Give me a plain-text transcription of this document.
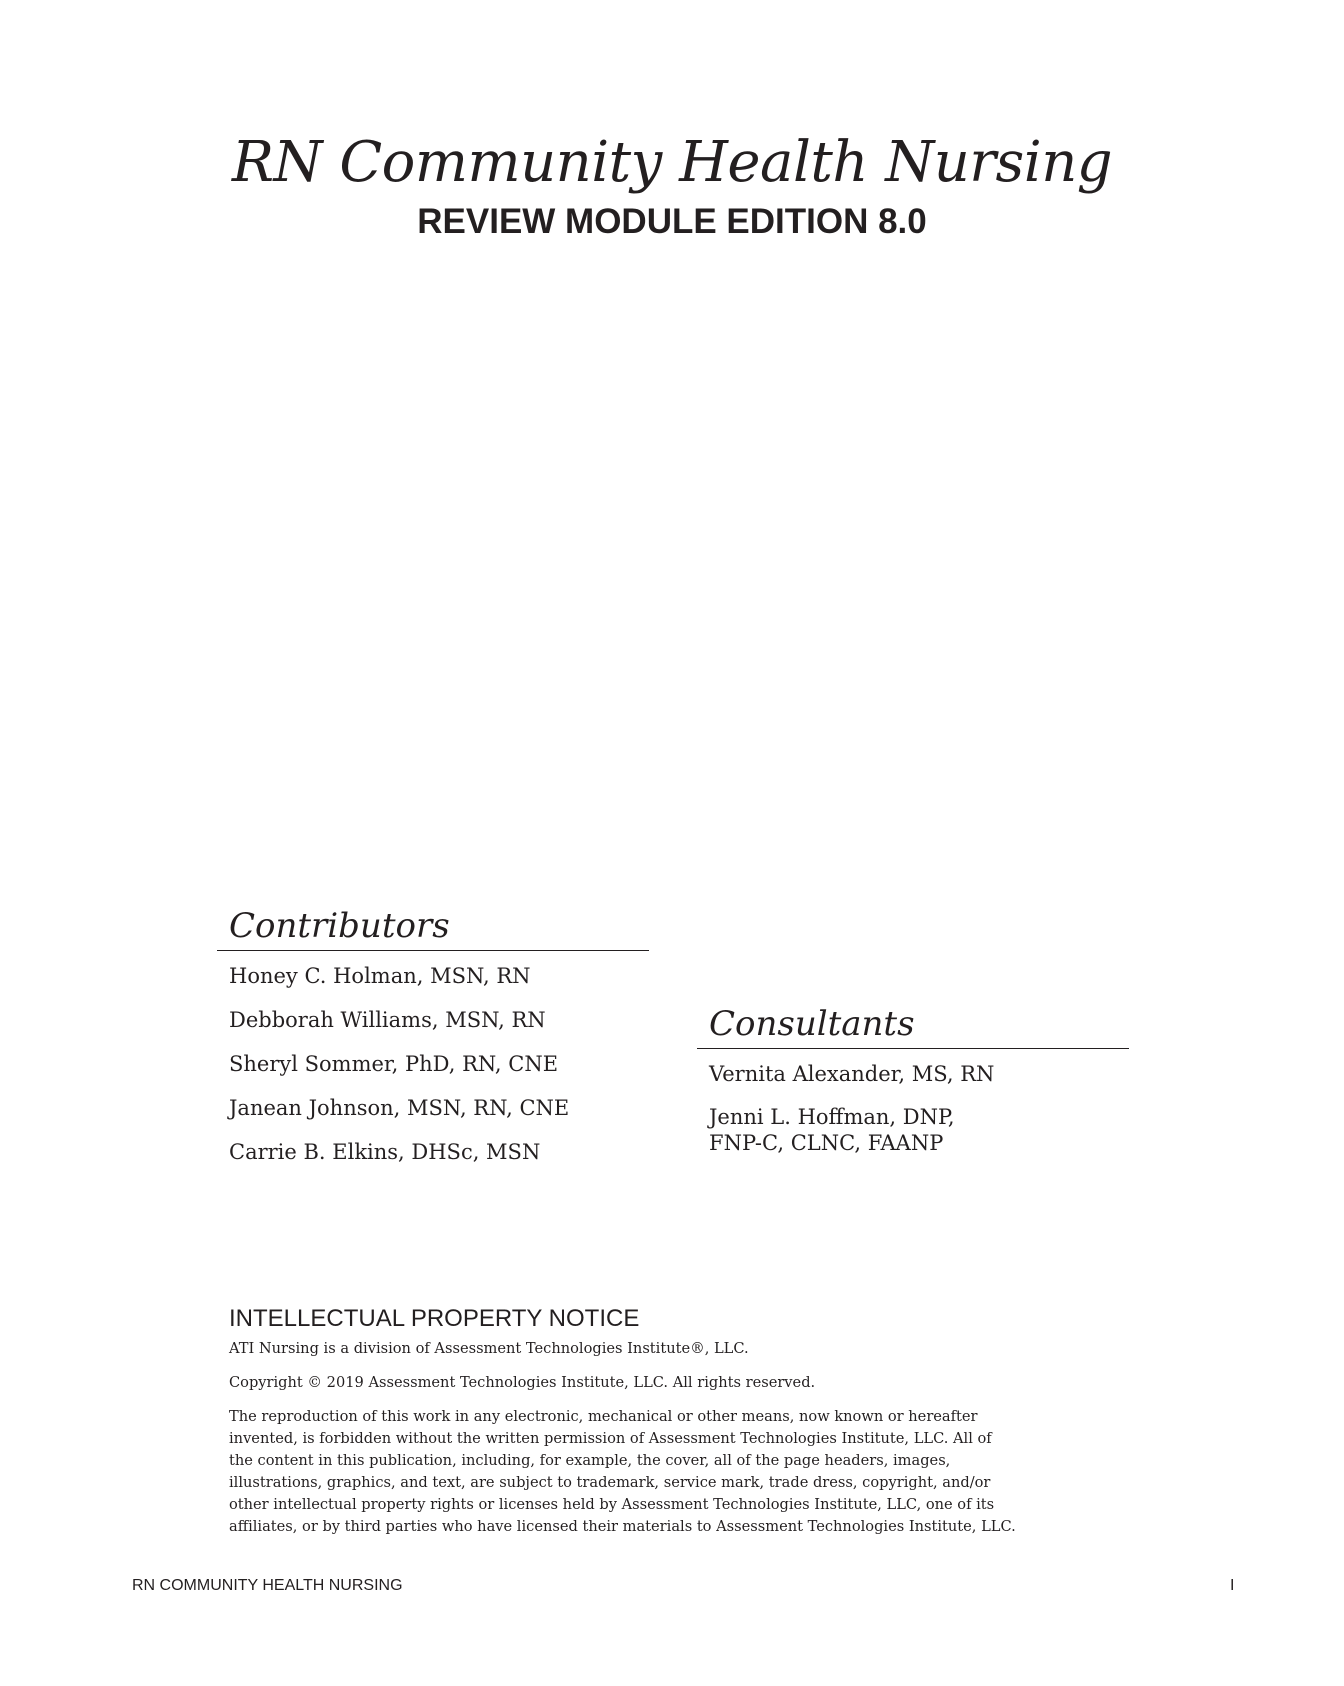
RN Community Health Nursing
REVIEW MODULE EDITION 8.0
Contributors
Honey C. Holman, MSN, RN
Debborah Williams, MSN, RN
Sheryl Sommer, PhD, RN, CNE
Janean Johnson, MSN, RN, CNE
Carrie B. Elkins, DHSc, MSN
Consultants
Vernita Alexander, MS, RN
Jenni L. Hoffman, DNP,
FNP-C, CLNC, FAANP
INTELLECTUAL PROPERTY NOTICE

ATI Nursing is a division of Assessment Technologies Institute®, LLC.

Copyright © 2019 Assessment Technologies Institute, LLC. All rights reserved.

The reproduction of this work in any electronic, mechanical or other means, now known or hereafter invented, is forbidden without the written permission of Assessment Technologies Institute, LLC. All of the content in this publication, including, for example, the cover, all of the page headers, images, illustrations, graphics, and text, are subject to trademark, service mark, trade dress, copyright, and/or other intellectual property rights or licenses held by Assessment Technologies Institute, LLC, one of its affiliates, or by third parties who have licensed their materials to Assessment Technologies Institute, LLC.

RN COMMUNITY HEALTH NURSING	I
